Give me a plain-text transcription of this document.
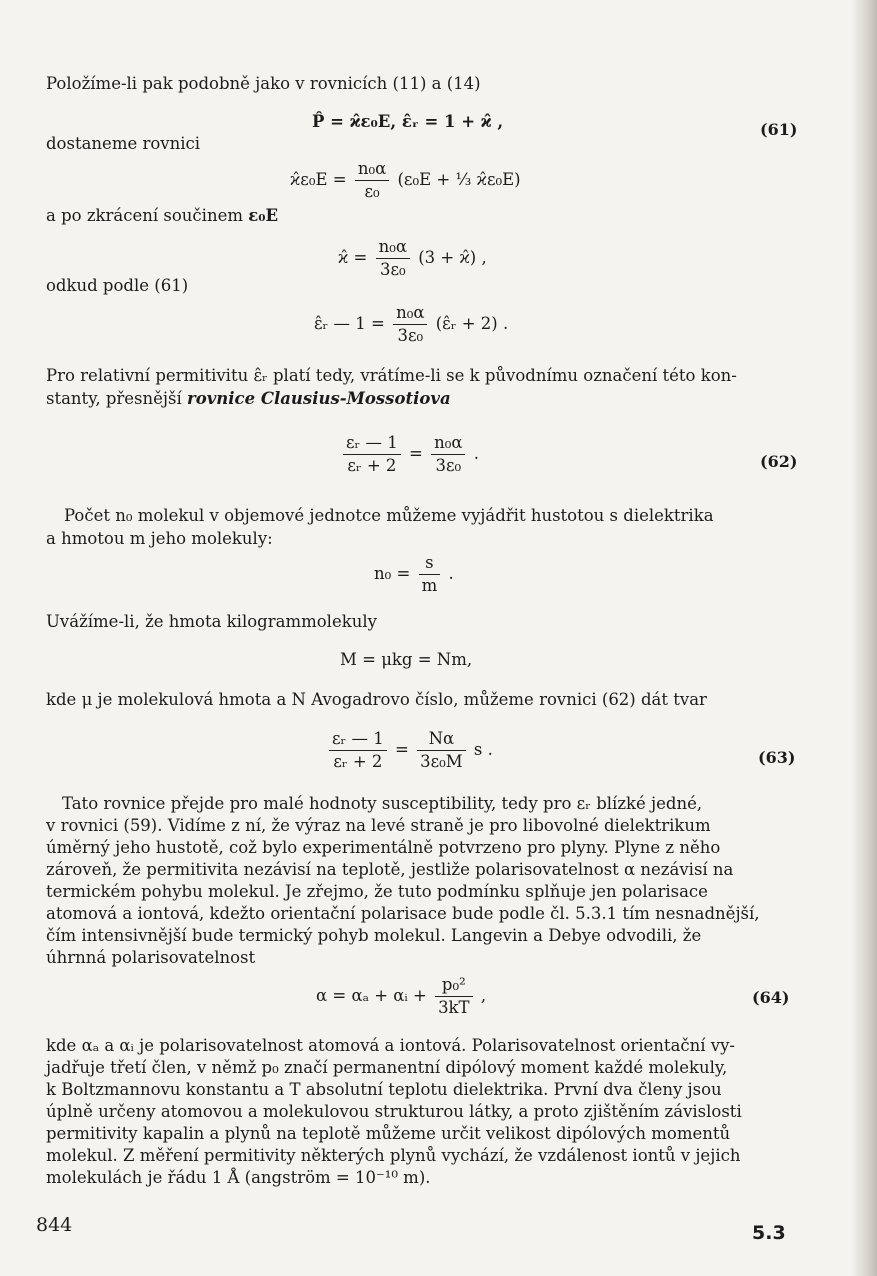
Položíme-li pak podobně jako v rovnicích (11) a (14)
P̂ = ϰ̂ε₀E, ε̂ᵣ = 1 + ϰ̂ ,	(61)
dostaneme rovnici
ϰ̂ε₀E = $\frac{\text{n₀α}}{\text{ε₀}} (\varepsilon_0E$ + ⅓ ϰ̂ε₀E)
a po zkrácení součinem ε₀E
ϰ̂ = $\frac{\text{n₀α}}{\text{3ε₀}} (3$ + ϰ̂) ,
odkud podle (61)
ε̂ᵣ — $1 = \frac{\text{n₀α}}{\text{3ε₀}}$ (ε̂ᵣ + 2) .
Pro relativní permitivitu ε̂ᵣ platí tedy, vrátíme-li se k původnímu označení této kon-
stanty, přesnější rovnice Clausius-Mossotiova
$\frac{\text{εᵣ — 1}}{\text{εᵣ + 2}} = \frac{\text{n₀α}}{\text{3ε₀}}$ .	(62)
Počet n₀ molekul v objemové jednotce můžeme vyjádřit hustotou s dielektrika
a hmotou m jeho molekuly:
$n_0 = \frac{s}{m}$ .
Uvážíme-li, že hmota kilogrammolekuly
M = μkg = Nm,
kde μ je molekulová hmota a N Avogadrovo číslo, můžeme rovnici (62) dát tvar
$\frac{\text{εᵣ — 1}}{\text{εᵣ + 2}} = \frac{N\alpha}{\text{3ε₀M}}$ s .	(63)
Tato rovnice přejde pro malé hodnoty susceptibility, tedy pro εᵣ blízké jedné,
v rovnici (59). Vidíme z ní, že výraz na levé straně je pro libovolné dielektrikum
úměrný jeho hustotě, což bylo experimentálně potvrzeno pro plyny. Plyne z něho
zároveň, že permitivita nezávisí na teplotě, jestliže polarisovatelnost α nezávisí na
termickém pohybu molekul. Je zřejmo, že tuto podmínku splňuje jen polarisace
atomová a iontová, kdežto orientační polarisace bude podle čl. 5.3.1 tím nesnadnější,
čím intensivnější bude termický pohyb molekul. Langevin a Debye odvodili, že
úhrnná polarisovatelnost
α = αₐ + αᵢ + $\frac{\text{p₀²}}{3kT}$ ,	(64)
kde αₐ a αᵢ je polarisovatelnost atomová a iontová. Polarisovatelnost orientační vy-
jadřuje třetí člen, v němž p₀ značí permanentní dipólový moment každé molekuly,
k Boltzmannovu konstantu a T absolutní teplotu dielektrika. První dva členy jsou
úplně určeny atomovou a molekulovou strukturou látky, a proto zjištěním závislosti
permitivity kapalin a plynů na teplotě můžeme určit velikost dipólových momentů
molekul. Z měření permitivity některých plynů vychází, že vzdálenost iontů v jejich
molekulách je řádu 1 Å (angström = 10⁻¹⁰ m).
844	5.3
